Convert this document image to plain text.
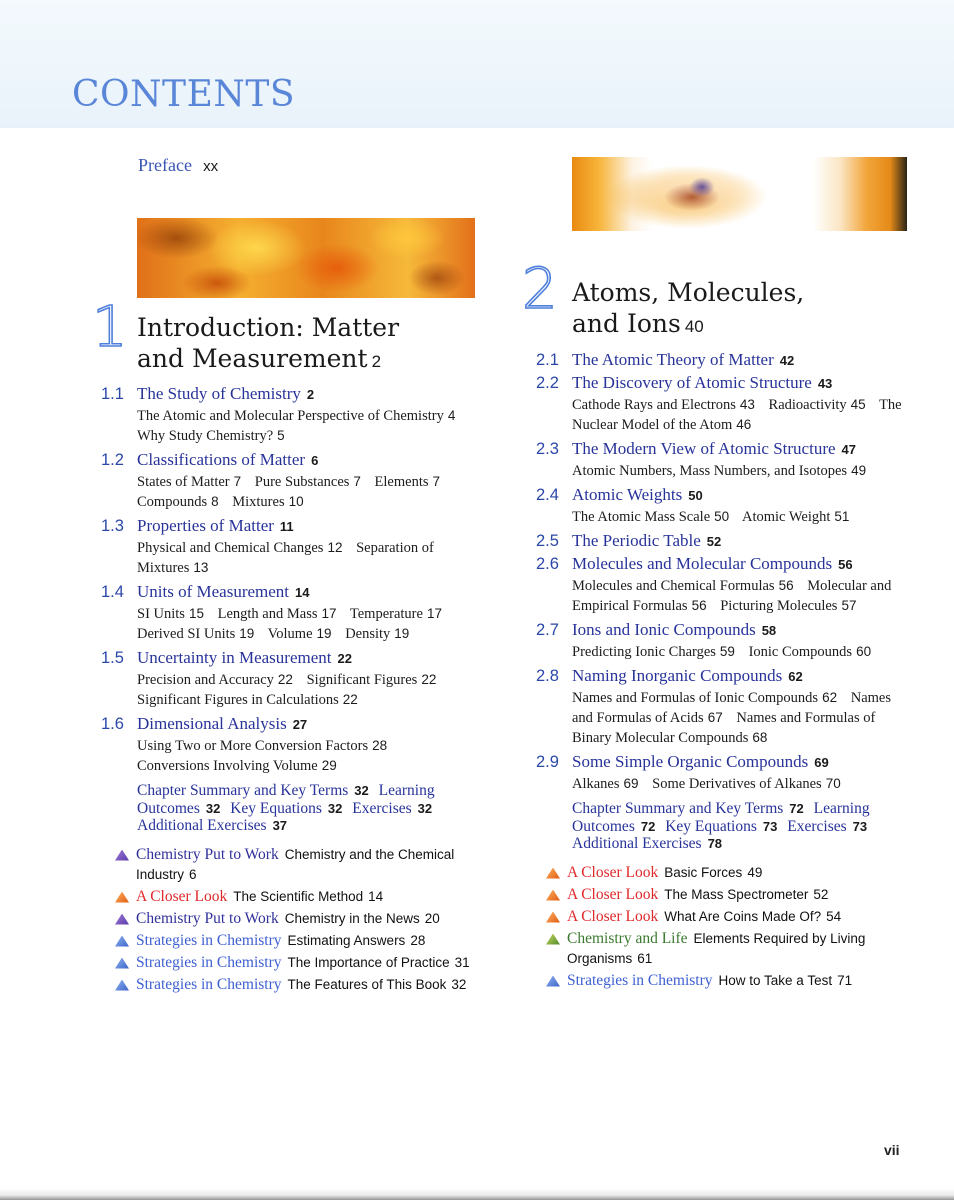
CONTENTS
Preface xx
1 Introduction: Matter
and Measurement 2
1.1 The Study of Chemistry 2
The Atomic and Molecular Perspective of Chemistry 4 Why Study Chemistry? 5
1.2 Classifications of Matter 6
States of Matter 7 Pure Substances 7 Elements 7 Compounds 8 Mixtures 10
1.3 Properties of Matter 11
Physical and Chemical Changes 12 Separation of Mixtures 13
1.4 Units of Measurement 14
SI Units 15 Length and Mass 17 Temperature 17 Derived SI Units 19 Volume 19 Density 19
1.5 Uncertainty in Measurement 22
Precision and Accuracy 22 Significant Figures 22 Significant Figures in Calculations 22
1.6 Dimensional Analysis 27
Using Two or More Conversion Factors 28 Conversions Involving Volume 29
Chapter Summary and Key Terms 32 Learning Outcomes 32 Key Equations 32 Exercises 32 Additional Exercises 37
Chemistry Put to Work Chemistry and the Chemical Industry 6
A Closer Look The Scientific Method 14
Chemistry Put to Work Chemistry in the News 20
Strategies in Chemistry Estimating Answers 28
Strategies in Chemistry The Importance of Practice 31
Strategies in Chemistry The Features of This Book 32
2 Atoms, Molecules,
and Ions 40
2.1 The Atomic Theory of Matter 42
2.2 The Discovery of Atomic Structure 43
Cathode Rays and Electrons 43 Radioactivity 45 The Nuclear Model of the Atom 46
2.3 The Modern View of Atomic Structure 47
Atomic Numbers, Mass Numbers, and Isotopes 49
2.4 Atomic Weights 50
The Atomic Mass Scale 50 Atomic Weight 51
2.5 The Periodic Table 52
2.6 Molecules and Molecular Compounds 56
Molecules and Chemical Formulas 56 Molecular and Empirical Formulas 56 Picturing Molecules 57
2.7 Ions and Ionic Compounds 58
Predicting Ionic Charges 59 Ionic Compounds 60
2.8 Naming Inorganic Compounds 62
Names and Formulas of Ionic Compounds 62 Names and Formulas of Acids 67 Names and Formulas of Binary Molecular Compounds 68
2.9 Some Simple Organic Compounds 69
Alkanes 69 Some Derivatives of Alkanes 70
Chapter Summary and Key Terms 72 Learning Outcomes 72 Key Equations 73 Exercises 73 Additional Exercises 78
A Closer Look Basic Forces 49
A Closer Look The Mass Spectrometer 52
A Closer Look What Are Coins Made Of? 54
Chemistry and Life Elements Required by Living Organisms 61
Strategies in Chemistry How to Take a Test 71
vii
